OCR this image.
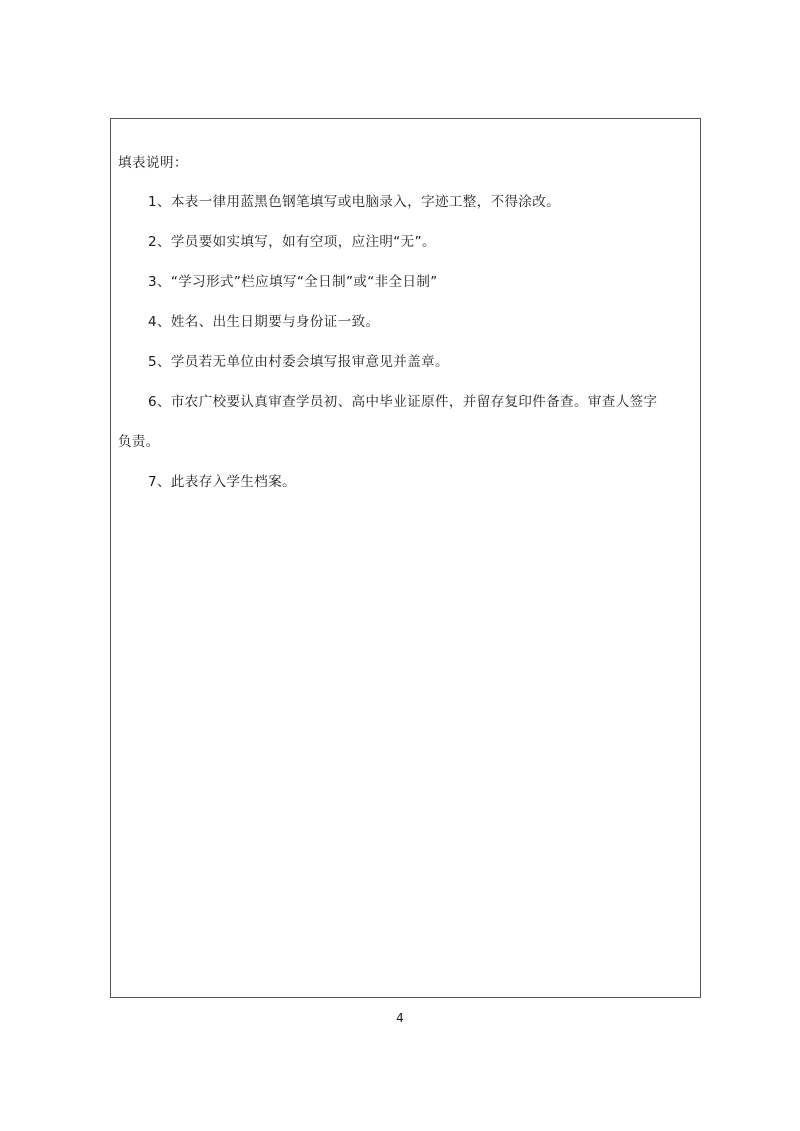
填表说明：
1、本表一律用蓝黑色钢笔填写或电脑录入，字迹工整，不得涂改。
2、学员要如实填写，如有空项，应注明“无”。
3、“学习形式”栏应填写“全日制”或“非全日制”
4、姓名、出生日期要与身份证一致。
5、学员若无单位由村委会填写报审意见并盖章。
6、市农广校要认真审查学员初、高中毕业证原件，并留存复印件备查。审查人签字
负责。
7、此表存入学生档案。
4
